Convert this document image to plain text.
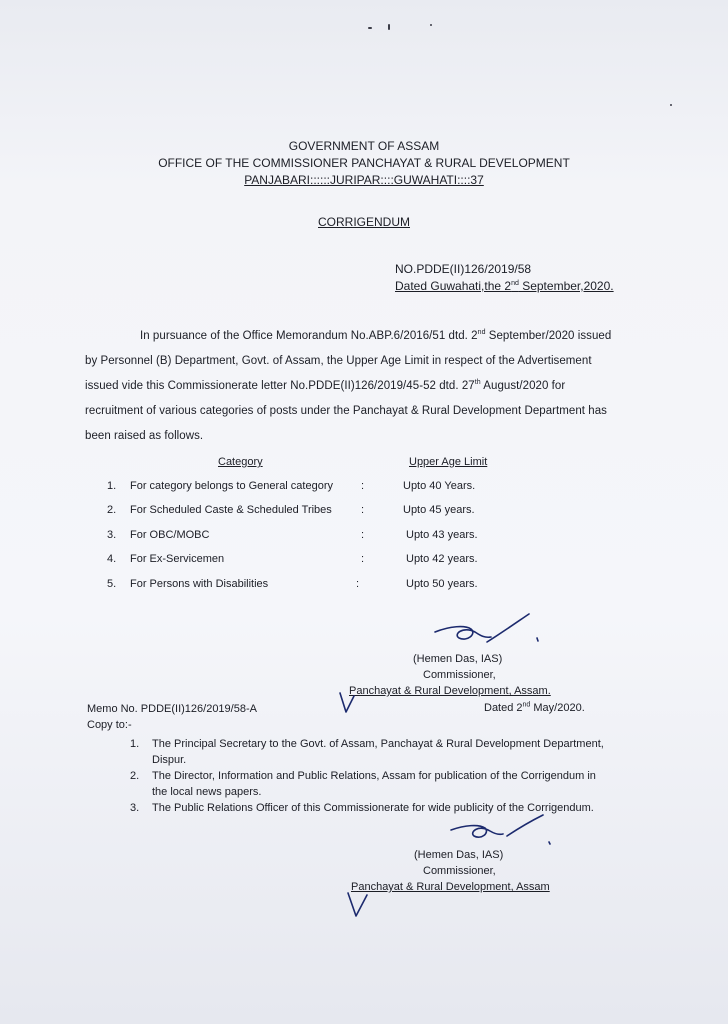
GOVERNMENT OF ASSAM
OFFICE OF THE COMMISSIONER PANCHAYAT & RURAL DEVELOPMENT
PANJABARI::::::JURIPAR::::GUWAHATI::::37
CORRIGENDUM
NO.PDDE(II)126/2019/58
Dated Guwahati,the 2nd September,2020.
In pursuance of the Office Memorandum No.ABP.6/2016/51 dtd. 2nd September/2020 issued
by Personnel (B) Department, Govt. of Assam, the Upper Age Limit in respect of the Advertisement
issued vide this Commissionerate letter No.PDDE(II)126/2019/45-52 dtd. 27th August/2020 for
recruitment of various categories of posts under the Panchayat & Rural Development Department has
been raised as follows.
Category	Upper Age Limit
1. For category belongs to General category	:	Upto 40 Years.
2. For Scheduled Caste & Scheduled Tribes	:	Upto 45 years.
3. For OBC/MOBC	:	Upto 43 years.
4. For Ex-Servicemen	:	Upto 42 years.
5. For Persons with Disabilities	:	Upto 50 years.
(Hemen Das, IAS)
Commissioner,
Panchayat & Rural Development, Assam.
Memo No. PDDE(II)126/2019/58-A	Dated 2nd May/2020.
Copy to:-
1. The Principal Secretary to the Govt. of Assam, Panchayat & Rural Development Department,
Dispur.
2. The Director, Information and Public Relations, Assam for publication of the Corrigendum in
the local news papers.
3. The Public Relations Officer of this Commissionerate for wide publicity of the Corrigendum.
(Hemen Das, IAS)
Commissioner,
Panchayat & Rural Development, Assam
